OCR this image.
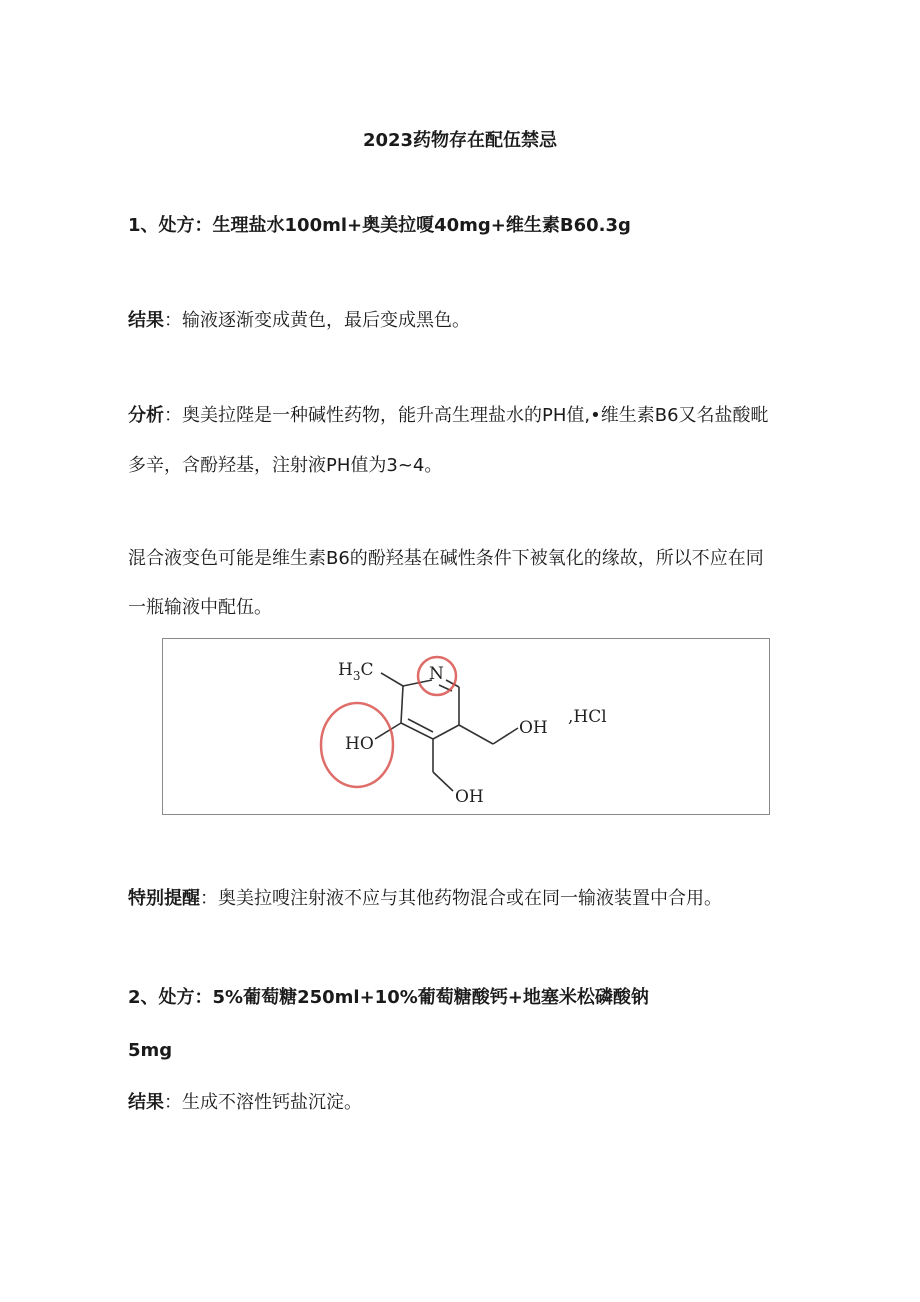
2023药物存在配伍禁忌
1、处方：生理盐水100ml+奥美拉嗄40mg+维生素B60.3g
结果：输液逐渐变成黄色，最后变成黑色。
分析：奥美拉陛是一种碱性药物，能升高生理盐水的PH值,•维生素B6又名盐酸毗
多辛，含酚羟基，注射液PH值为3~4。
混合液变色可能是维生素B6的酚羟基在碱性条件下被氧化的缘故，所以不应在同
一瓶输液中配伍。
$H_3C$	N
HO
OH
OH
,HCl
特别提醒：奥美拉嗖注射液不应与其他药物混合或在同一输液装置中合用。
2、处方：5%葡萄糖250ml+10%葡萄糖酸钙+地塞米松磷酸钠
5mg
结果：生成不溶性钙盐沉淀。
